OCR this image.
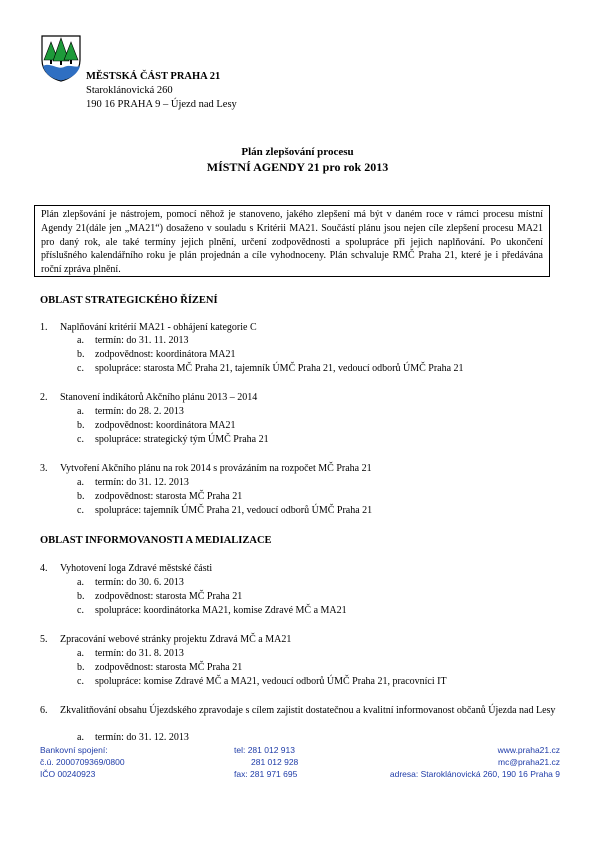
MĚSTSKÁ ČÁST PRAHA 21
Staroklánovická 260
190 16 PRAHA 9 – Újezd nad Lesy
Plán zlepšování procesu
MÍSTNÍ AGENDY 21 pro rok 2013
Plán zlepšování je nástrojem, pomocí něhož je stanoveno, jakého zlepšení má být v daném roce v rámci procesu místní Agendy 21(dále jen „MA21“) dosaženo v souladu s Kritérii MA21. Součástí plánu jsou nejen cíle zlepšení procesu MA21 pro daný rok, ale také termíny jejich plnění, určení zodpovědnosti a spolupráce při jejich naplňování. Po ukončení příslušného kalendářního roku je plán projednán a cíle vyhodnoceny. Plán schvaluje RMČ Praha 21, které je i předávána roční zpráva plnění.
OBLAST STRATEGICKÉHO ŘÍZENÍ
1. Naplňování kritérií MA21 - obhájení kategorie C
a. termín: do 31. 11. 2013
b. zodpovědnost: koordinátora MA21
c. spolupráce: starosta MČ Praha 21, tajemník ÚMČ Praha 21, vedoucí odborů ÚMČ Praha 21
2. Stanovení indikátorů Akčního plánu 2013 – 2014
a. termín: do 28. 2. 2013
b. zodpovědnost: koordinátora MA21
c. spolupráce: strategický tým ÚMČ Praha 21
3. Vytvoření Akčního plánu na rok 2014 s provázáním na rozpočet MČ Praha 21
a. termín: do 31. 12. 2013
b. zodpovědnost: starosta MČ Praha 21
c. spolupráce: tajemník ÚMČ Praha 21, vedoucí odborů ÚMČ Praha 21
OBLAST INFORMOVANOSTI A MEDIALIZACE
4. Vyhotovení loga Zdravé městské části
a. termín: do 30. 6. 2013
b. zodpovědnost: starosta MČ Praha 21
c. spolupráce: koordinátorka MA21, komise Zdravé MČ a MA21
5. Zpracování webové stránky projektu Zdravá MČ a MA21
a. termín: do 31. 8. 2013
b. zodpovědnost: starosta MČ Praha 21
c. spolupráce: komise Zdravé MČ a MA21, vedoucí odborů ÚMČ Praha 21, pracovníci IT
6.	Zkvalitňování obsahu Újezdského zpravodaje s cílem zajistit dostatečnou a kvalitní informovanost občanů Újezda nad Lesy
a. termín: do 31. 12. 2013
Bankovní spojení:
č.ú. 2000709369/0800
IČO 00240923
tel: 281 012 913
281 012 928
fax: 281 971 695
www.praha21.cz
mc@praha21.cz
adresa: Staroklánovická 260, 190 16 Praha 9
